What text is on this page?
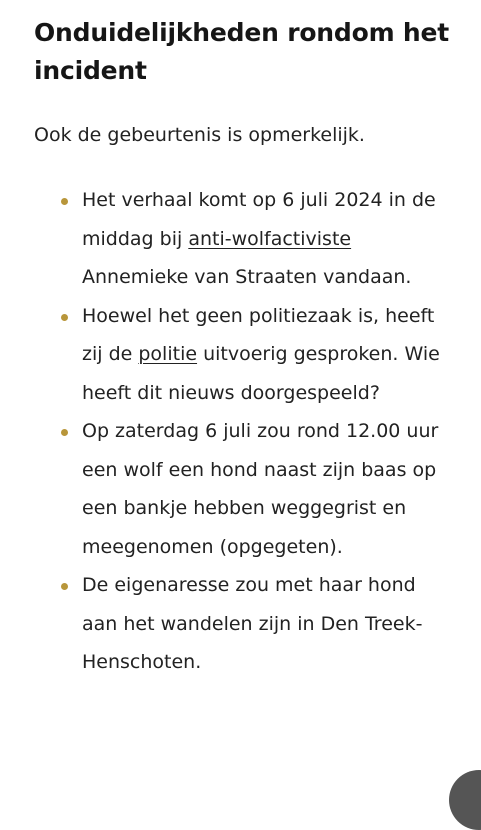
Onduidelijkheden rondom het incident

Ook de gebeurtenis is opmerkelijk.

Het verhaal komt op 6 juli 2024 in de middag bij anti-wolfactiviste Annemieke van Straaten vandaan.
Hoewel het geen politiezaak is, heeft zij de politie uitvoerig gesproken. Wie heeft dit nieuws doorgespeeld?
Op zaterdag 6 juli zou rond 12.00 uur een wolf een hond naast zijn baas op een bankje hebben weggegrist en meegenomen (opgegeten).
De eigenaresse zou met haar hond aan het wandelen zijn in Den Treek-Henschoten.
